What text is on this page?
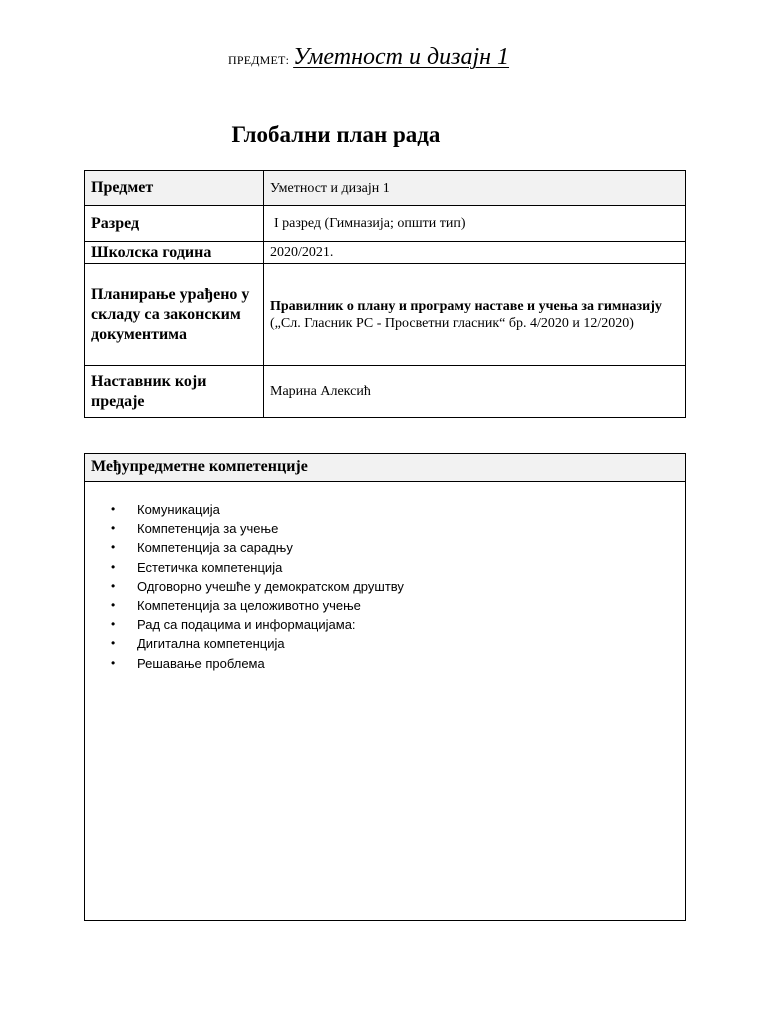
ПРЕДМЕТ: Уметност и дизајн 1
Глобални план рада
Предмет	Уметност и дизајн 1
Разред	I разред (Гимназија; општи тип)
Школска година	2020/2021.
Планирање урађено у складу са законским документима	Правилник о плану и програму наставе и учења за гимназију
(„Сл. Гласник РС - Просветни гласник“ бр. 4/2020 и 12/2020)

Наставник који предаје	Марина Алексић
Међупредметне компетенције
• Комуникација
• Компетенција за учење
• Компетенција за сарадњу
• Естетичка компетенција
• Одговорно учешће у демократском друштву
• Компетенција за целоживотно учење
• Рад са подацима и информацијама:
• Дигитална компетенција
• Решавање проблема
